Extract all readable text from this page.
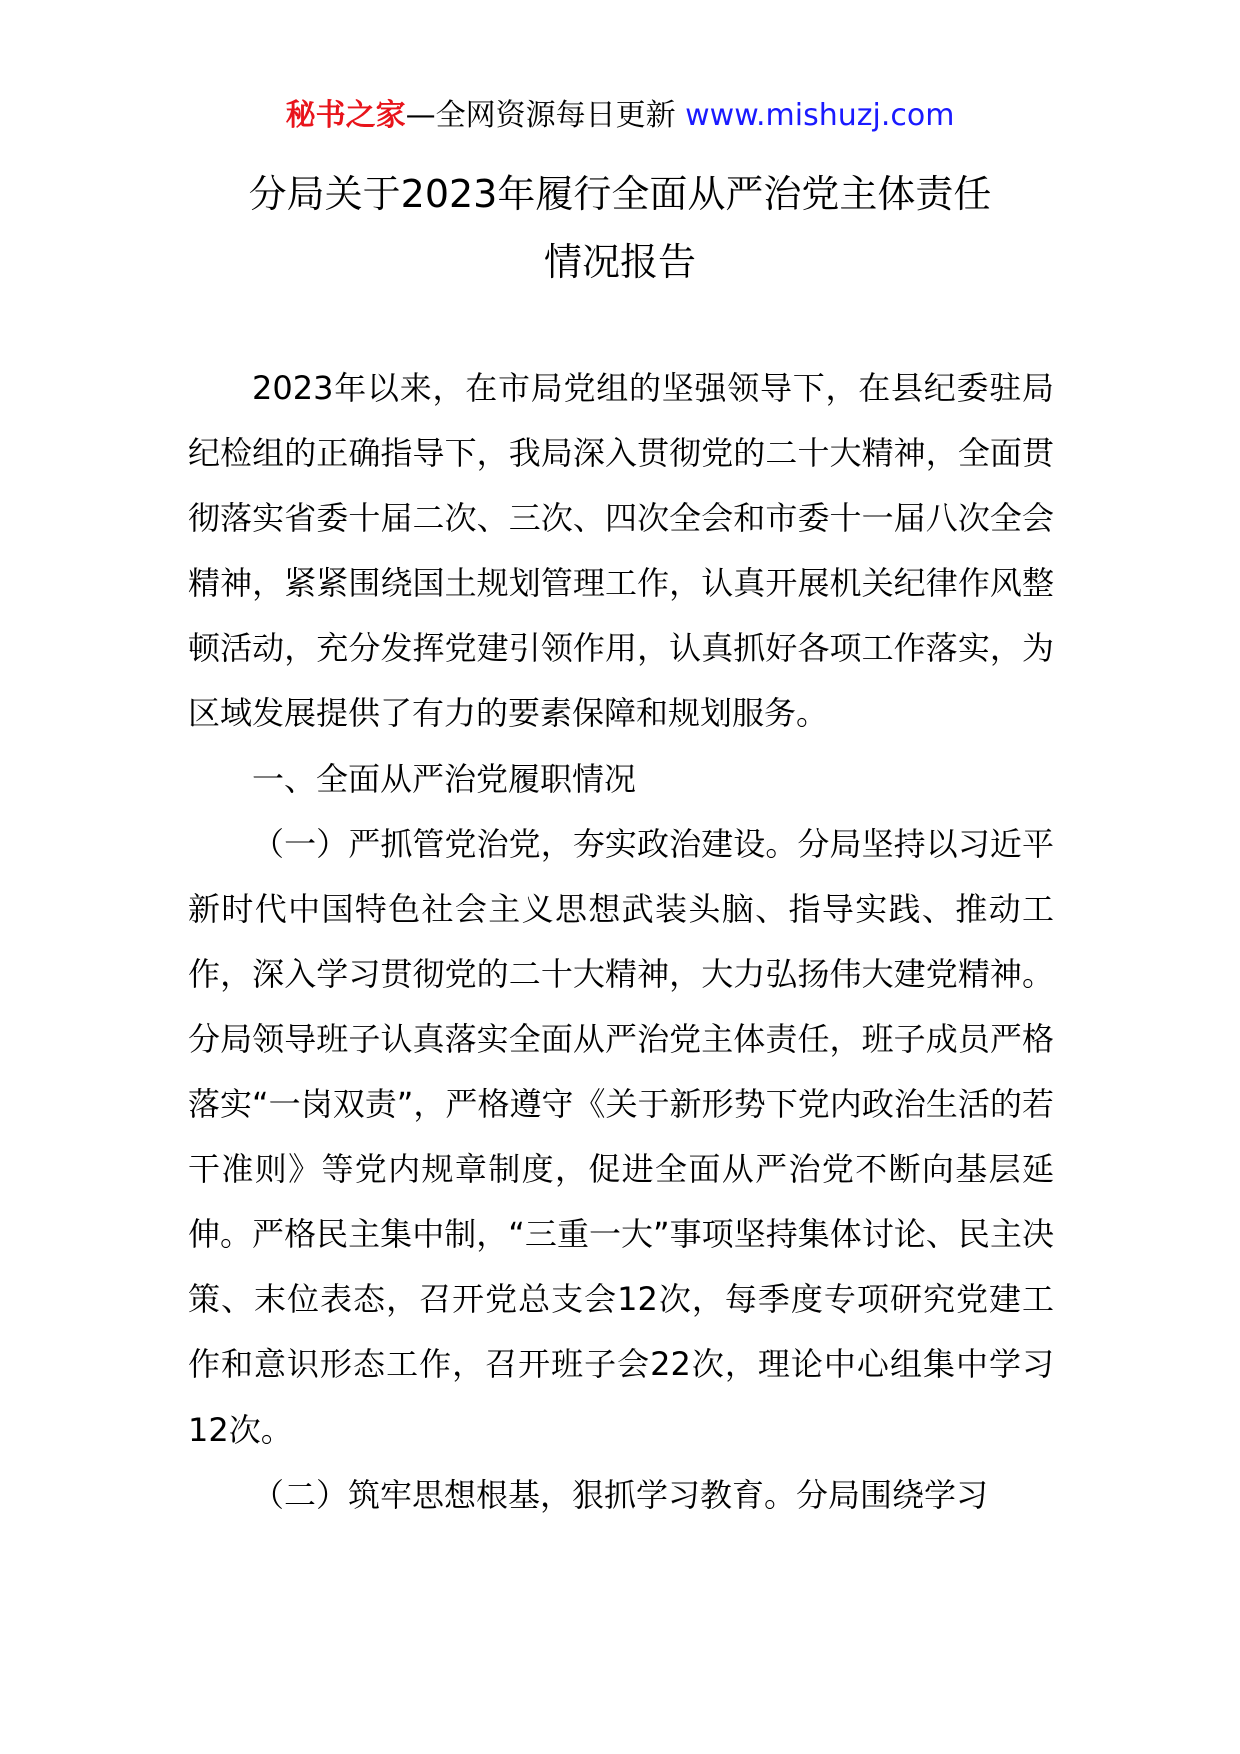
秘书之家—全网资源每日更新 www.mishuzj.com
分局关于2023年履行全面从严治党主体责任
情况报告

2023年以来，在市局党组的坚强领导下，在县纪委驻局纪检组的正确指导下，我局深入贯彻党的二十大精神，全面贯彻落实省委十届二次、三次、四次全会和市委十一届八次全会精神，紧紧围绕国土规划管理工作，认真开展机关纪律作风整顿活动，充分发挥党建引领作用，认真抓好各项工作落实，为区域发展提供了有力的要素保障和规划服务。

一、全面从严治党履职情况

（一）严抓管党治党，夯实政治建设。分局坚持以习近平新时代中国特色社会主义思想武装头脑、指导实践、推动工作，深入学习贯彻党的二十大精神，大力弘扬伟大建党精神。分局领导班子认真落实全面从严治党主体责任，班子成员严格落实“一岗双责”，严格遵守《关于新形势下党内政治生活的若干准则》等党内规章制度，促进全面从严治党不断向基层延伸。严格民主集中制，“三重一大”事项坚持集体讨论、民主决策、末位表态，召开党总支会12次，每季度专项研究党建工作和意识形态工作，召开班子会22次，理论中心组集中学习12次。

（二）筑牢思想根基，狠抓学习教育。分局围绕学习
